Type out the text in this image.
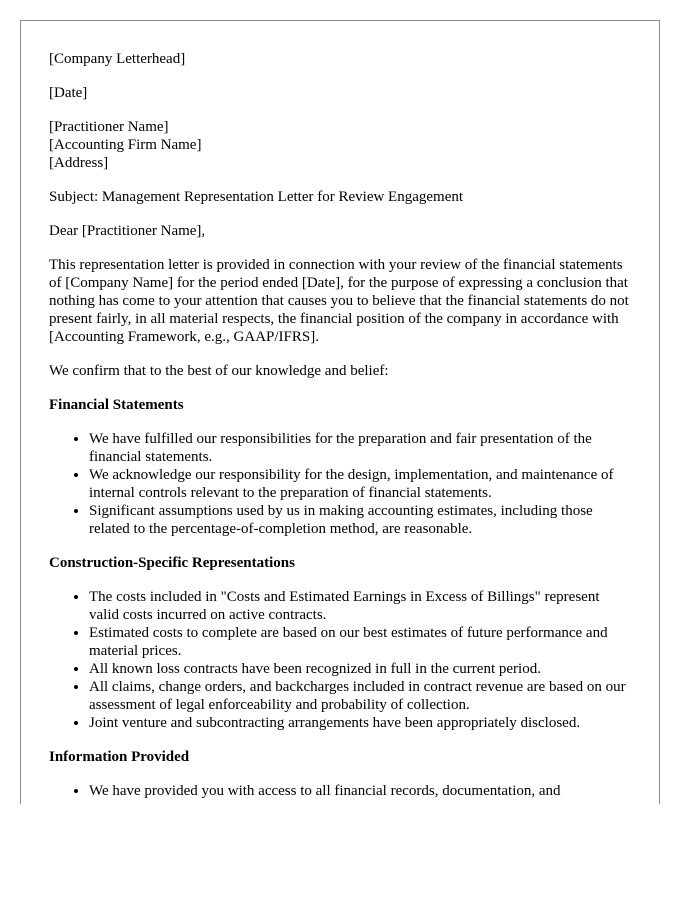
[Company Letterhead]

[Date]

[Practitioner Name]
[Accounting Firm Name]
[Address]

Subject: Management Representation Letter for Review Engagement

Dear [Practitioner Name],

This representation letter is provided in connection with your review of the financial statements of [Company Name] for the period ended [Date], for the purpose of expressing a conclusion that nothing has come to your attention that causes you to believe that the financial statements do not present fairly, in all material respects, the financial position of the company in accordance with [Accounting Framework, e.g., GAAP/IFRS].

We confirm that to the best of our knowledge and belief:

Financial Statements
• We have fulfilled our responsibilities for the preparation and fair presentation of the financial statements.
• We acknowledge our responsibility for the design, implementation, and maintenance of internal controls relevant to the preparation of financial statements.
• Significant assumptions used by us in making accounting estimates, including those related to the percentage-of-completion method, are reasonable.
Construction-Specific Representations
• The costs included in "Costs and Estimated Earnings in Excess of Billings" represent valid costs incurred on active contracts.
• Estimated costs to complete are based on our best estimates of future performance and material prices.
• All known loss contracts have been recognized in full in the current period.
• All claims, change orders, and backcharges included in contract revenue are based on our assessment of legal enforceability and probability of collection.
• Joint venture and subcontracting arrangements have been appropriately disclosed.
Information Provided
• We have provided you with access to all financial records, documentation, and
